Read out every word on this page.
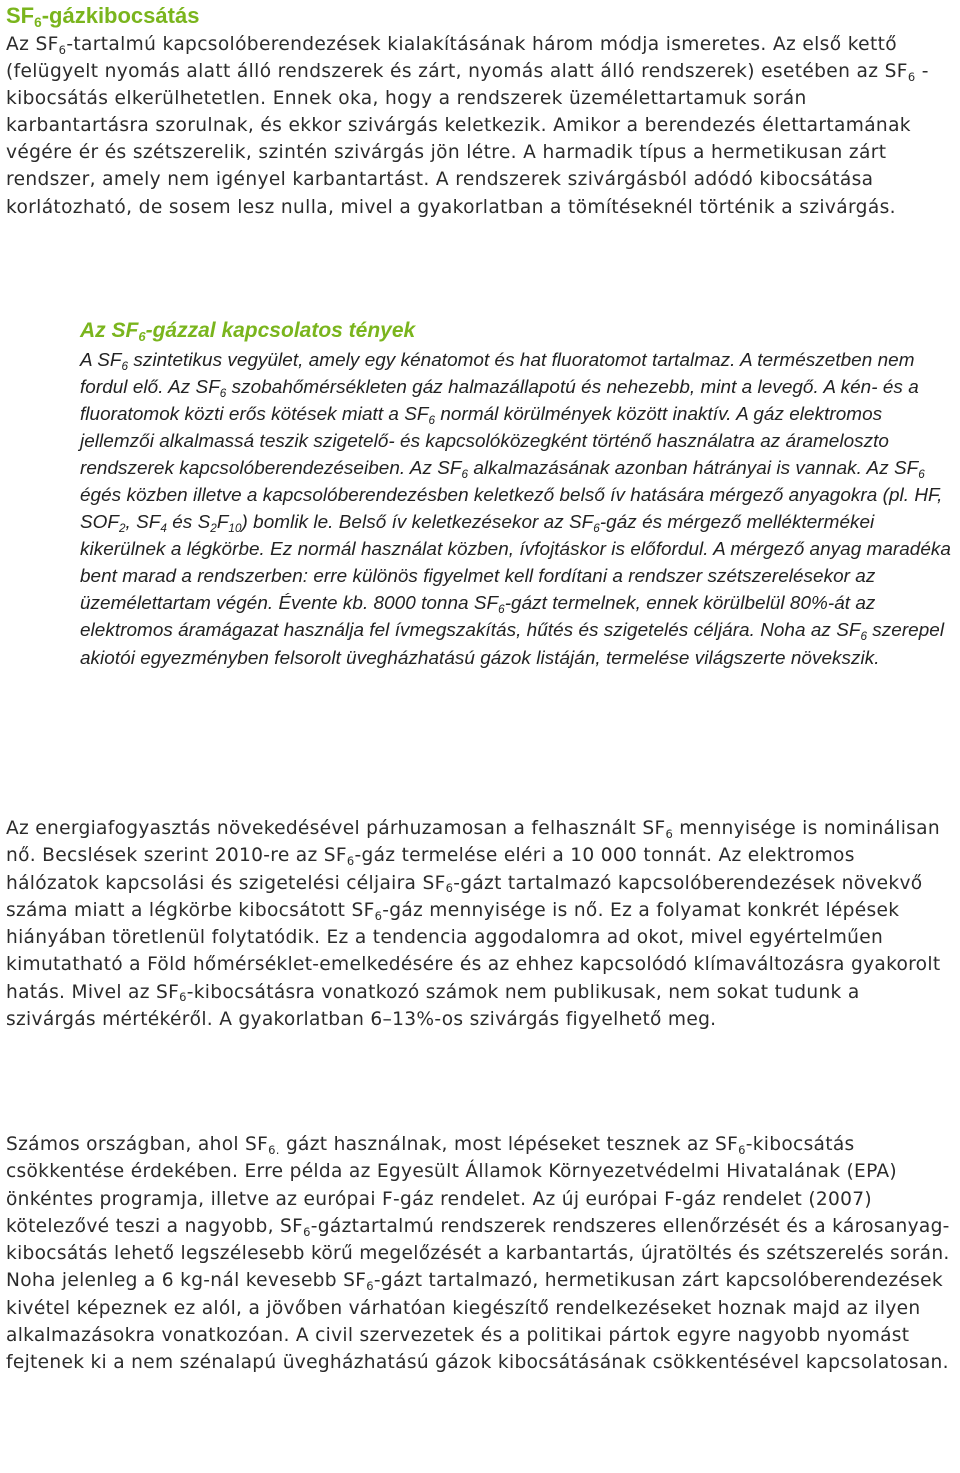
SF6-gázkibocsátás

Az SF6-tartalmú kapcsolóberendezések kialakításának három módja ismeretes. Az első kettő (felügyelt nyomás alatt álló rendszerek és zárt, nyomás alatt álló rendszerek) esetében az SF6 -kibocsátás elkerülhetetlen. Ennek oka, hogy a rendszerek üzemélettartamuk során karbantartásra szorulnak, és ekkor szivárgás keletkezik. Amikor a berendezés élettartamának végére ér és szétszerelik, szintén szivárgás jön létre. A harmadik típus a hermetikusan zárt rendszer, amely nem igényel karbantartást. A rendszerek szivárgásból adódó kibocsátása korlátozható, de sosem lesz nulla, mivel a gyakorlatban a tömítéseknél történik a szivárgás.

Az SF6-gázzal kapcsolatos tények

A SF6 szintetikus vegyület, amely egy kénatomot és hat fluoratomot tartalmaz. A természetben nem fordul elő. Az SF6 szobahőmérsékleten gáz halmazállapotú és nehezebb, mint a levegő. A kén- és a fluoratomok közti erős kötések miatt a SF6 normál körülmények között inaktív. A gáz elektromos jellemzői alkalmassá teszik szigetelő- és kapcsolóközegként történő használatra az árameloszto rendszerek kapcsolóberendezéseiben. Az SF6 alkalmazásának azonban hátrányai is vannak. Az SF6 égés közben illetve a kapcsolóberendezésben keletkező belső ív hatására mérgező anyagokra (pl. HF, SOF2, SF4 és S2F10) bomlik le. Belső ív keletkezésekor az SF6-gáz és mérgező melléktermékei kikerülnek a légkörbe. Ez normál használat közben, ívfojtáskor is előfordul. A mérgező anyag maradéka bent marad a rendszerben: erre különös figyelmet kell fordítani a rendszer szétszerelésekor az üzemélettartam végén. Évente kb. 8000 tonna SF6-gázt termelnek, ennek körülbelül 80%-át az elektromos áramágazat használja fel ívmegszakítás, hűtés és szigetelés céljára. Noha az SF6 szerepel akiotói egyezményben felsorolt üvegházhatású gázok listáján, termelése világszerte növekszik.

Az energiafogyasztás növekedésével párhuzamosan a felhasznált SF6 mennyisége is nominálisan nő. Becslések szerint 2010-re az SF6-gáz termelése eléri a 10 000 tonnát. Az elektromos hálózatok kapcsolási és szigetelési céljaira SF6-gázt tartalmazó kapcsolóberendezések növekvő száma miatt a légkörbe kibocsátott SF6-gáz mennyisége is nő. Ez a folyamat konkrét lépések hiányában töretlenül folytatódik. Ez a tendencia aggodalomra ad okot, mivel egyértelműen kimutatható a Föld hőmérséklet-emelkedésére és az ehhez kapcsolódó klímaváltozásra gyakorolt hatás. Mivel az SF6-kibocsátásra vonatkozó számok nem publikusak, nem sokat tudunk a szivárgás mértékéről. A gyakorlatban 6–13%-os szivárgás figyelhető meg.

Számos országban, ahol SF6. gázt használnak, most lépéseket tesznek az SF6-kibocsátás csökkentése érdekében. Erre példa az Egyesült Államok Környezetvédelmi Hivatalának (EPA) önkéntes programja, illetve az európai F-gáz rendelet. Az új európai F-gáz rendelet (2007) kötelezővé teszi a nagyobb, SF6-gáztartalmú rendszerek rendszeres ellenőrzését és a károsanyag-kibocsátás lehető legszélesebb körű megelőzését a karbantartás, újratöltés és szétszerelés során. Noha jelenleg a 6 kg-nál kevesebb SF6-gázt tartalmazó, hermetikusan zárt kapcsolóberendezések kivétel képeznek ez alól, a jövőben várhatóan kiegészítő rendelkezéseket hoznak majd az ilyen alkalmazásokra vonatkozóan. A civil szervezetek és a politikai pártok egyre nagyobb nyomást fejtenek ki a nem szénalapú üvegházhatású gázok kibocsátásának csökkentésével kapcsolatosan.
